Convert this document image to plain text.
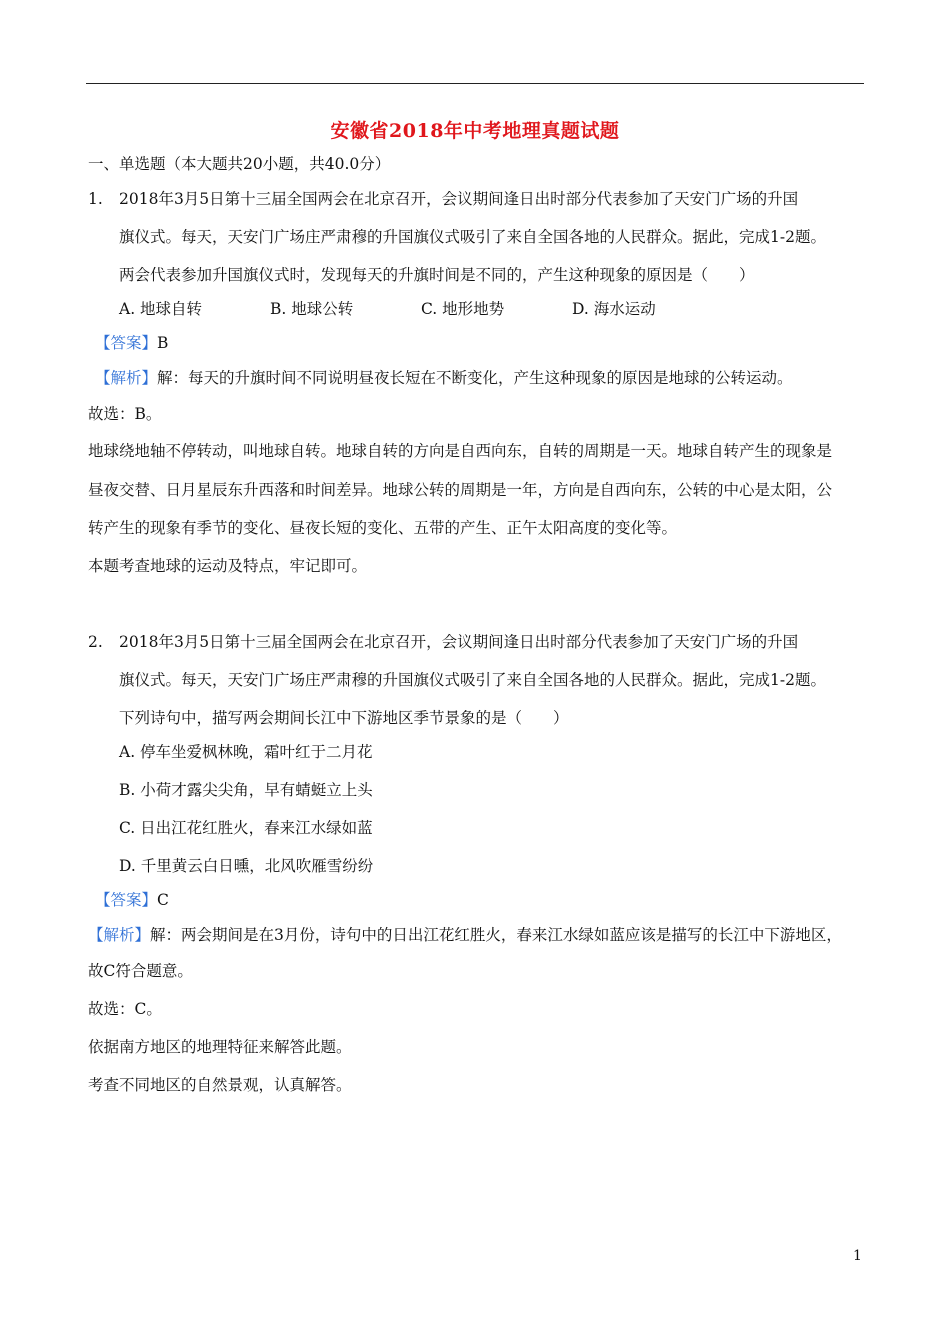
安徽省2018年中考地理真题试题
一、单选题（本大题共20小题，共40.0分）
1. 2018年3月5日第十三届全国两会在北京召开，会议期间逢日出时部分代表参加了天安门广场的升国
旗仪式。每天，天安门广场庄严肃穆的升国旗仪式吸引了来自全国各地的人民群众。据此，完成1-2题。
两会代表参加升国旗仪式时，发现每天的升旗时间是不同的，产生这种现象的原因是（　　）
A. 地球自转	B. 地球公转	C. 地形地势	D. 海水运动
【答案】B
【解析】解：每天的升旗时间不同说明昼夜长短在不断变化，产生这种现象的原因是地球的公转运动。
故选：B。
地球绕地轴不停转动，叫地球自转。地球自转的方向是自西向东，自转的周期是一天。地球自转产生的现象是
昼夜交替、日月星辰东升西落和时间差异。地球公转的周期是一年，方向是自西向东，公转的中心是太阳，公
转产生的现象有季节的变化、昼夜长短的变化、五带的产生、正午太阳高度的变化等。
本题考查地球的运动及特点，牢记即可。
2. 2018年3月5日第十三届全国两会在北京召开，会议期间逢日出时部分代表参加了天安门广场的升国
旗仪式。每天，天安门广场庄严肃穆的升国旗仪式吸引了来自全国各地的人民群众。据此，完成1-2题。
下列诗句中，描写两会期间长江中下游地区季节景象的是（　　）
A. 停车坐爱枫林晚，霜叶红于二月花
B. 小荷才露尖尖角，早有蜻蜓立上头
C. 日出江花红胜火，春来江水绿如蓝
D. 千里黄云白日曛，北风吹雁雪纷纷
【答案】C
【解析】解：两会期间是在3月份，诗句中的日出江花红胜火，春来江水绿如蓝应该是描写的长江中下游地区，
故C符合题意。
故选：C。
依据南方地区的地理特征来解答此题。
考查不同地区的自然景观，认真解答。
1
